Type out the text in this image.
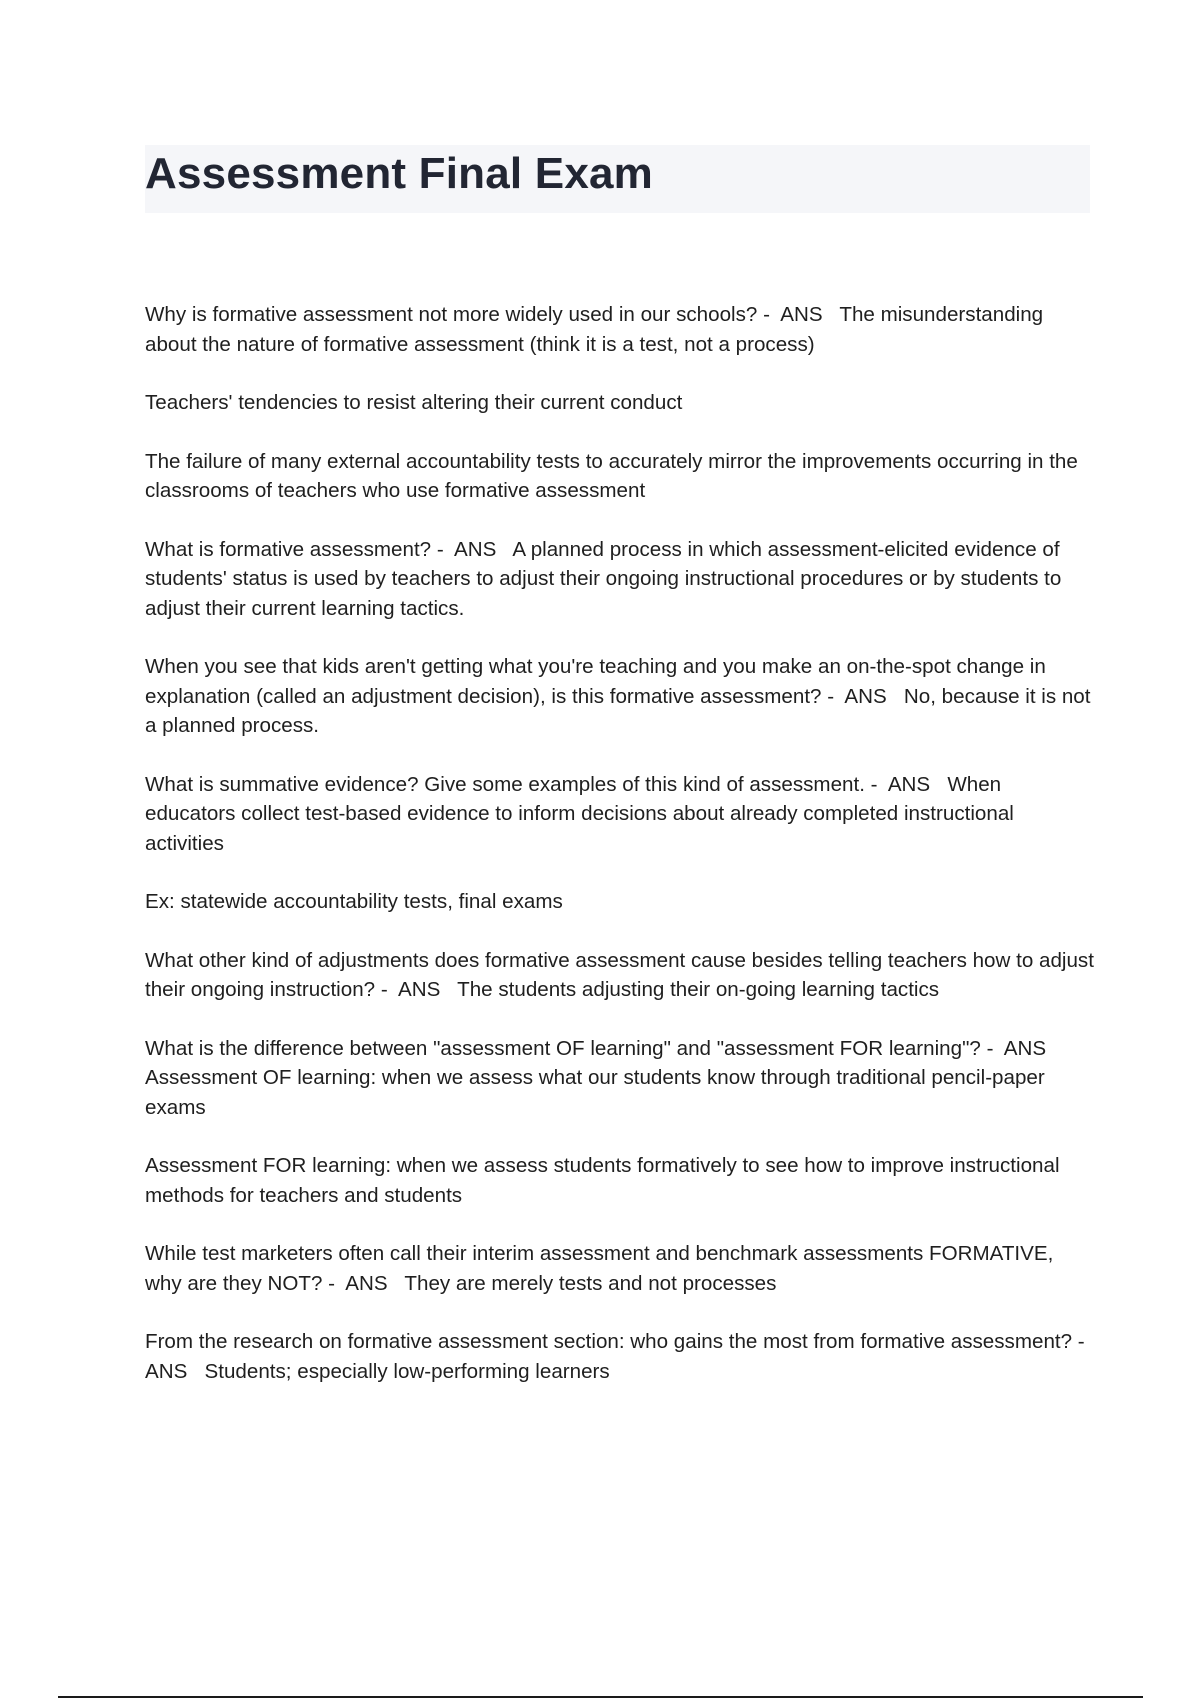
Assessment Final Exam

Why is formative assessment not more widely used in our schools? -  ANS   The misunderstanding about the nature of formative assessment (think it is a test, not a process)

Teachers' tendencies to resist altering their current conduct

The failure of many external accountability tests to accurately mirror the improvements occurring in the classrooms of teachers who use formative assessment

What is formative assessment? -  ANS   A planned process in which assessment-elicited evidence of students' status is used by teachers to adjust their ongoing instructional procedures or by students to adjust their current learning tactics.

When you see that kids aren't getting what you're teaching and you make an on-the-spot change in explanation (called an adjustment decision), is this formative assessment? -  ANS   No, because it is not a planned process.

What is summative evidence? Give some examples of this kind of assessment. -  ANS   When educators collect test-based evidence to inform decisions about already completed instructional activities

Ex: statewide accountability tests, final exams

What other kind of adjustments does formative assessment cause besides telling teachers how to adjust their ongoing instruction? -  ANS   The students adjusting their on-going learning tactics

What is the difference between "assessment OF learning" and "assessment FOR learning"? -  ANS   Assessment OF learning: when we assess what our students know through traditional pencil-paper exams

Assessment FOR learning: when we assess students formatively to see how to improve instructional methods for teachers and students

While test marketers often call their interim assessment and benchmark assessments FORMATIVE, why are they NOT? -  ANS   They are merely tests and not processes

From the research on formative assessment section: who gains the most from formative assessment? -  ANS   Students; especially low-performing learners
